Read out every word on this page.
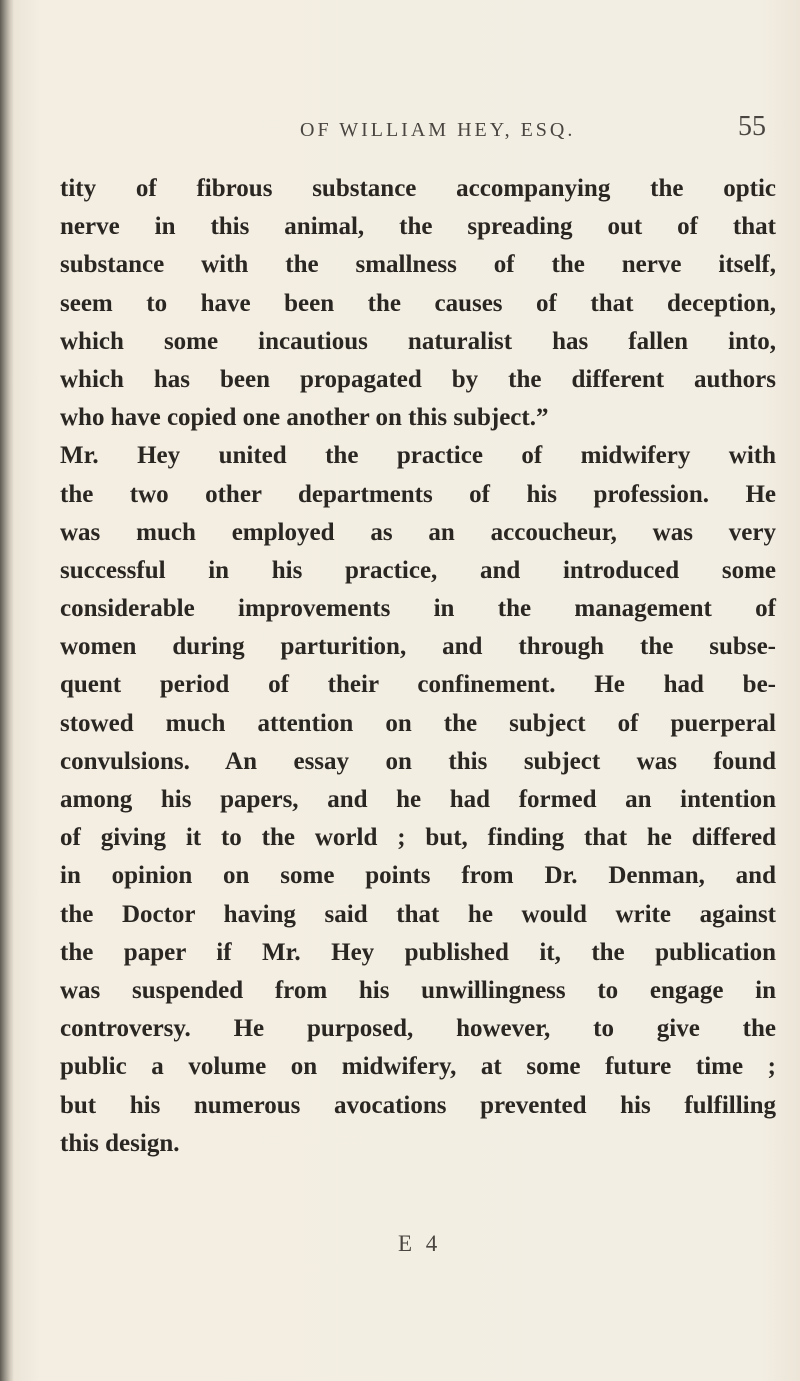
OF WILLIAM HEY, ESQ.	55
tity of fibrous substance accompanying the optic
nerve in this animal, the spreading out of that
substance with the smallness of the nerve itself,
seem to have been the causes of that deception,
which some incautious naturalist has fallen into,
which has been propagated by the different authors
who have copied one another on this subject.”
Mr. Hey united the practice of midwifery with
the two other departments of his profession. He
was much employed as an accoucheur, was very
successful in his practice, and introduced some
considerable improvements in the management of
women during parturition, and through the subse-
quent period of their confinement. He had be-
stowed much attention on the subject of puerperal
convulsions. An essay on this subject was found
among his papers, and he had formed an intention
of giving it to the world ; but, finding that he differed
in opinion on some points from Dr. Denman, and
the Doctor having said that he would write against
the paper if Mr. Hey published it, the publication
was suspended from his unwillingness to engage in
controversy. He purposed, however, to give the
public a volume on midwifery, at some future time ;
but his numerous avocations prevented his fulfilling
this design.
E 4
